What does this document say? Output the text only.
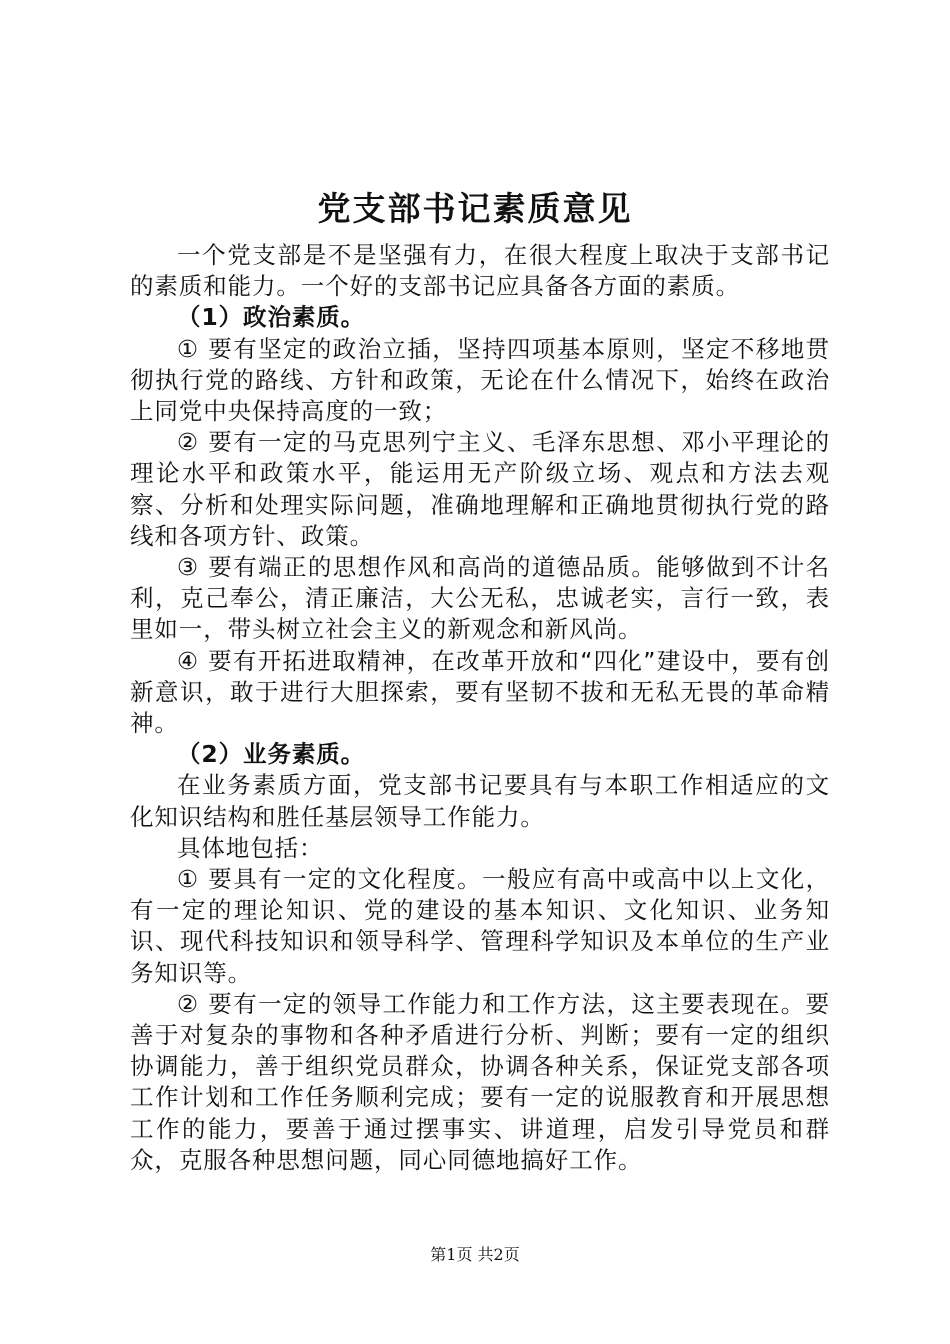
党支部书记素质意见

一个党支部是不是坚强有力，在很大程度上取决于支部书记的素质和能力。一个好的支部书记应具备各方面的素质。

（1）政治素质。

① 要有坚定的政治立插，坚持四项基本原则，坚定不移地贯彻执行党的路线、方针和政策，无论在什么情况下，始终在政治上同党中央保持高度的一致；

② 要有一定的马克思列宁主义、毛泽东思想、邓小平理论的理论水平和政策水平，能运用无产阶级立场、观点和方法去观察、分析和处理实际问题，准确地理解和正确地贯彻执行党的路线和各项方针、政策。

③ 要有端正的思想作风和高尚的道德品质。能够做到不计名利，克己奉公，清正廉洁，大公无私，忠诚老实，言行一致，表里如一，带头树立社会主义的新观念和新风尚。

④ 要有开拓进取精神，在改革开放和“四化”建设中，要有创新意识，敢于进行大胆探索，要有坚韧不拔和无私无畏的革命精神。

（2）业务素质。

在业务素质方面，党支部书记要具有与本职工作相适应的文化知识结构和胜任基层领导工作能力。

具体地包括：

① 要具有一定的文化程度。一般应有高中或高中以上文化，有一定的理论知识、党的建设的基本知识、文化知识、业务知识、现代科技知识和领导科学、管理科学知识及本单位的生产业务知识等。

② 要有一定的领导工作能力和工作方法，这主要表现在。要善于对复杂的事物和各种矛盾进行分析、判断；要有一定的组织协调能力，善于组织党员群众，协调各种关系，保证党支部各项工作计划和工作任务顺利完成；要有一定的说服教育和开展思想工作的能力，要善于通过摆事实、讲道理，启发引导党员和群众，克服各种思想问题，同心同德地搞好工作。

第1页 共2页
